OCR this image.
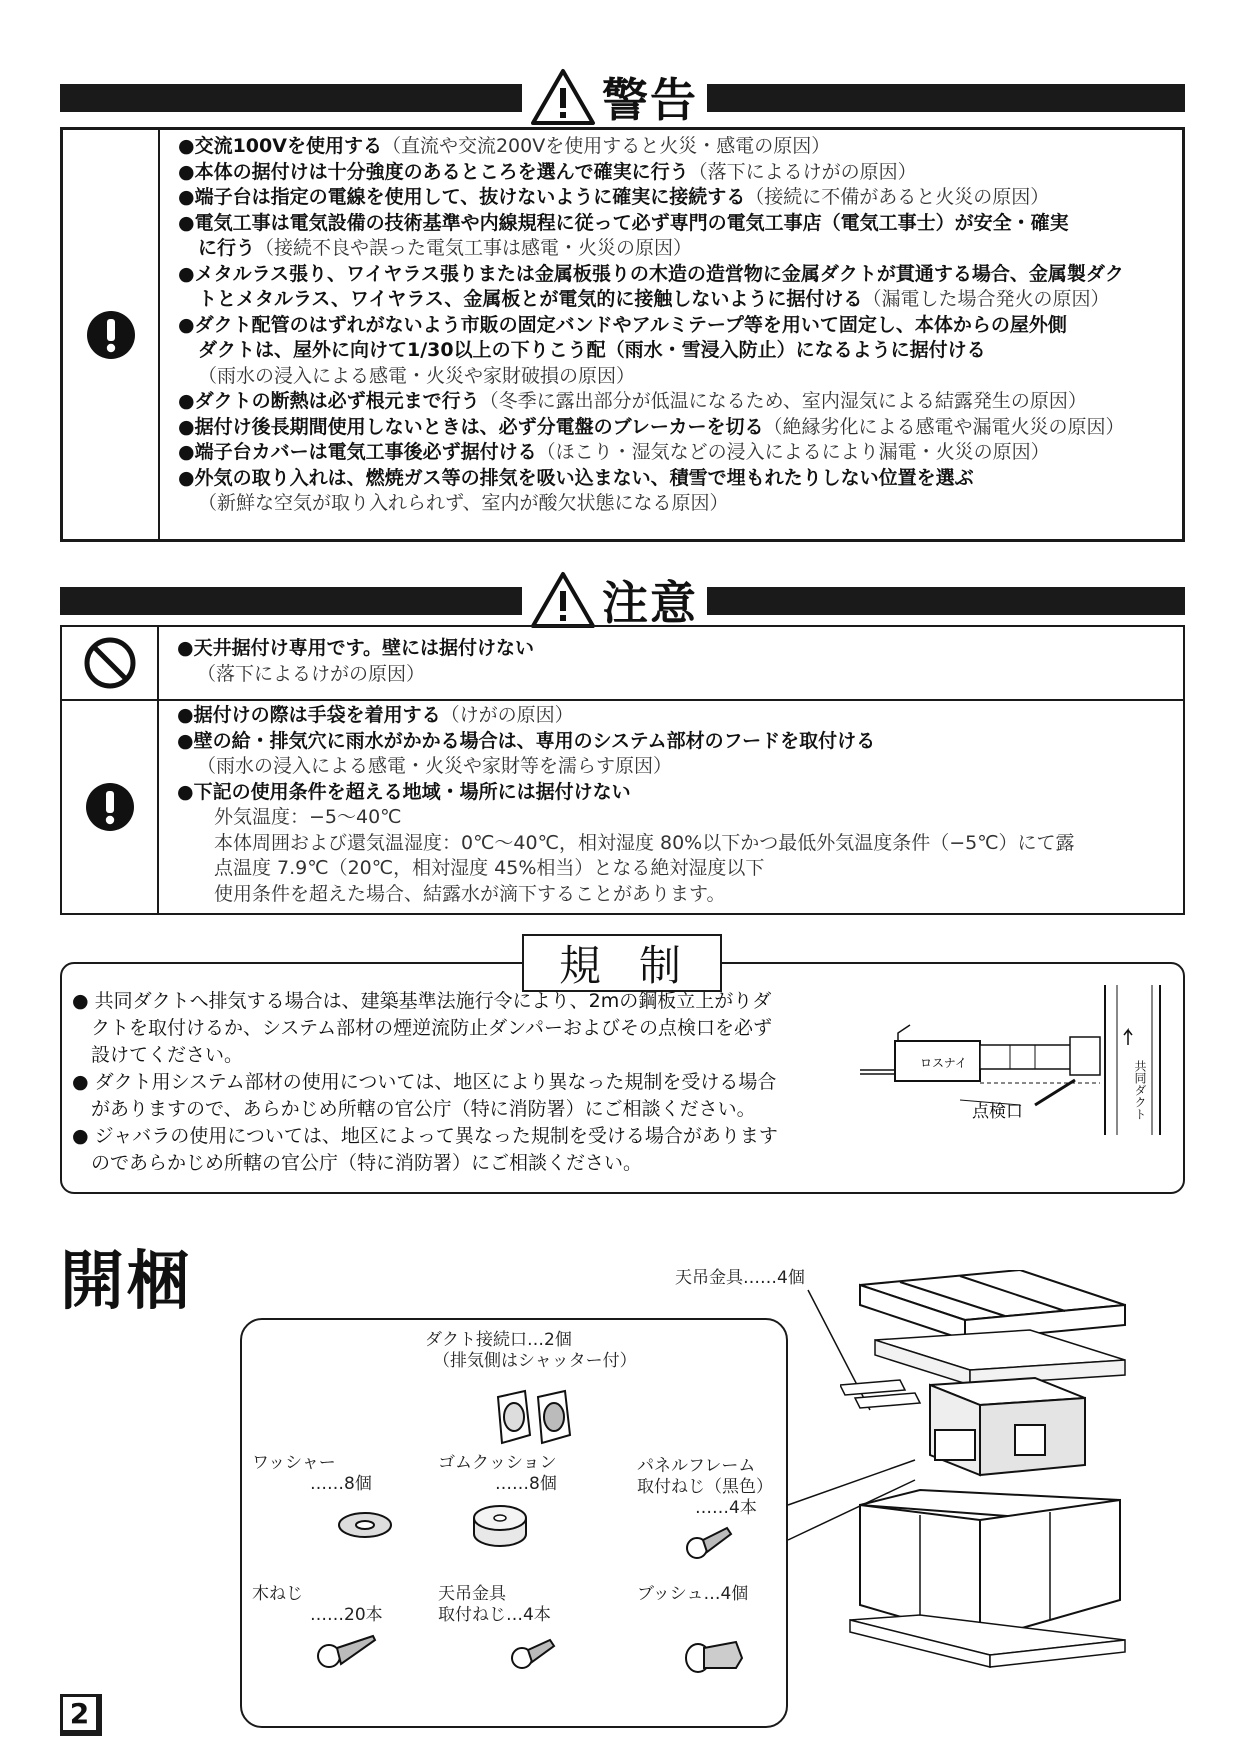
警告
●交流100Vを使用する（直流や交流200Vを使用すると火災・感電の原因）
●本体の据付けは十分強度のあるところを選んで確実に行う（落下によるけがの原因）
●端子台は指定の電線を使用して、抜けないように確実に接続する（接続に不備があると火災の原因）
●電気工事は電気設備の技術基準や内線規程に従って必ず専門の電気工事店（電気工事士）が安全・確実
に行う（接続不良や誤った電気工事は感電・火災の原因）
●メタルラス張り、ワイヤラス張りまたは金属板張りの木造の造営物に金属ダクトが貫通する場合、金属製ダク
トとメタルラス、ワイヤラス、金属板とが電気的に接触しないように据付ける（漏電した場合発火の原因）
●ダクト配管のはずれがないよう市販の固定バンドやアルミテープ等を用いて固定し、本体からの屋外側
ダクトは、屋外に向けて1/30以上の下りこう配（雨水・雪浸入防止）になるように据付ける
（雨水の浸入による感電・火災や家財破損の原因）
●ダクトの断熱は必ず根元まで行う（冬季に露出部分が低温になるため、室内湿気による結露発生の原因）
●据付け後長期間使用しないときは、必ず分電盤のブレーカーを切る（絶縁劣化による感電や漏電火災の原因）
●端子台カバーは電気工事後必ず据付ける（ほこり・湿気などの浸入によるにより漏電・火災の原因）
●外気の取り入れは、燃焼ガス等の排気を吸い込まない、積雪で埋もれたりしない位置を選ぶ
（新鮮な空気が取り入れられず、室内が酸欠状態になる原因）
注意
●天井据付け専用です。壁には据付けない
（落下によるけがの原因）
●据付けの際は手袋を着用する（けがの原因）
●壁の給・排気穴に雨水がかかる場合は、専用のシステム部材のフードを取付ける
（雨水の浸入による感電・火災や家財等を濡らす原因）
●下記の使用条件を超える地域・場所には据付けない
外気温度：−5〜40℃
本体周囲および還気温湿度：0℃〜40℃，相対湿度 80%以下かつ最低外気温度条件（−5℃）にて露
点温度 7.9℃（20℃，相対湿度 45%相当）となる絶対湿度以下
使用条件を超えた場合、結露水が滴下することがあります。
規制
● 共同ダクトへ排気する場合は、建築基準法施行令により、2mの鋼板立上がりダ
　クトを取付けるか、システム部材の煙逆流防止ダンパーおよびその点検口を必ず
　設けてください。
● ダクト用システム部材の使用については、地区により異なった規制を受ける場合
　がありますので、あらかじめ所轄の官公庁（特に消防署）にご相談ください。
● ジャバラの使用については、地区によって異なった規制を受ける場合があります
　のであらかじめ所轄の官公庁（特に消防署）にご相談ください。
ロスナイ
点検口	共同ダクト
開梱	天吊金具……4個
ダクト接続口…2個
（排気側はシャッター付）
ワッシャー
……8個
ゴムクッション
……8個
パネルフレーム
取付ねじ（黒色）
……4本
木ねじ
……20本
天吊金具
取付ねじ…4本
ブッシュ…4個
2
